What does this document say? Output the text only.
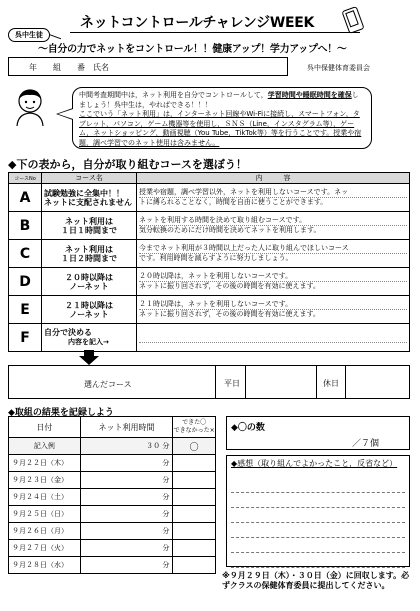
呉中生徒
ネットコントロールチャレンジWEEK
〜自分の力でネットをコントロール！！健康アップ！学力アップへ！〜
年　　組　　番　氏名	呉中保健体育委員会
中間考査期間中は，ネット利用を自分でコントロールして，学習時間や睡眠時間を確保しましょう！呉中生は，やればできる！！！
ここでいう「ネット利用」は，インターネット回線やWi-Fiに接続し，スマートフォン，タブレット，パソコン，ゲーム機器等を使用し，ＳＮＳ（Line，インスタグラム等），ゲーム，ネットショッピング，動画視聴（You Tube，TikTok等）等を行うことです。授業や宿題，調べ学習でのネット使用は含みません。
◆下の表から，自分が取り組むコースを選ぼう！
コースNo	コース名	内　　　容
A	試験勉強に全集中！！
ネットに支配されません	授業や宿題，調べ学習以外，ネットを利用しないコースです。ネッ
トに縛られることなく，時間を自由に使うことができます。
B	ネット利用は
１日１時間まで	ネットを利用する時間を決めて取り組むコースです。
気分転換のためにだけ時間を決めてネットを利用します。
C	ネット利用は
１日２時間まで	今までネット利用が３時間以上だった人に取り組んでほしいコース
です。利用時間を減らすように努力しましょう。
D	２０時以降は
ノーネット	２０時以降は，ネットを利用しないコースです。
ネットに振り回されず，その後の時間を有効に使えます。
E	２１時以降は
ノーネット	２１時以降は，ネットを利用しないコースです。
ネットに振り回されず，その後の時間を有効に使えます。
F	自分で決める
内容を記入→	
選んだコース	平日	休日
◆取組の結果を記録しよう
日付	ネット利用時間	できた〇
できなかった×
記入例	３０ 分	〇
９月２２日（木）	分	
９月２３日（金）	分	
９月２４日（土）	分	
９月２５日（日）	分	
９月２６日（月）	分	
９月２７日（火）	分	
９月２８日（水）	分	
◆〇の数
／７個
◆感想（取り組んでよかったこと，反省など）
※９月２９日（木）・３０日（金）に回収します。必ずクラスの保健体育委員に提出してください。
